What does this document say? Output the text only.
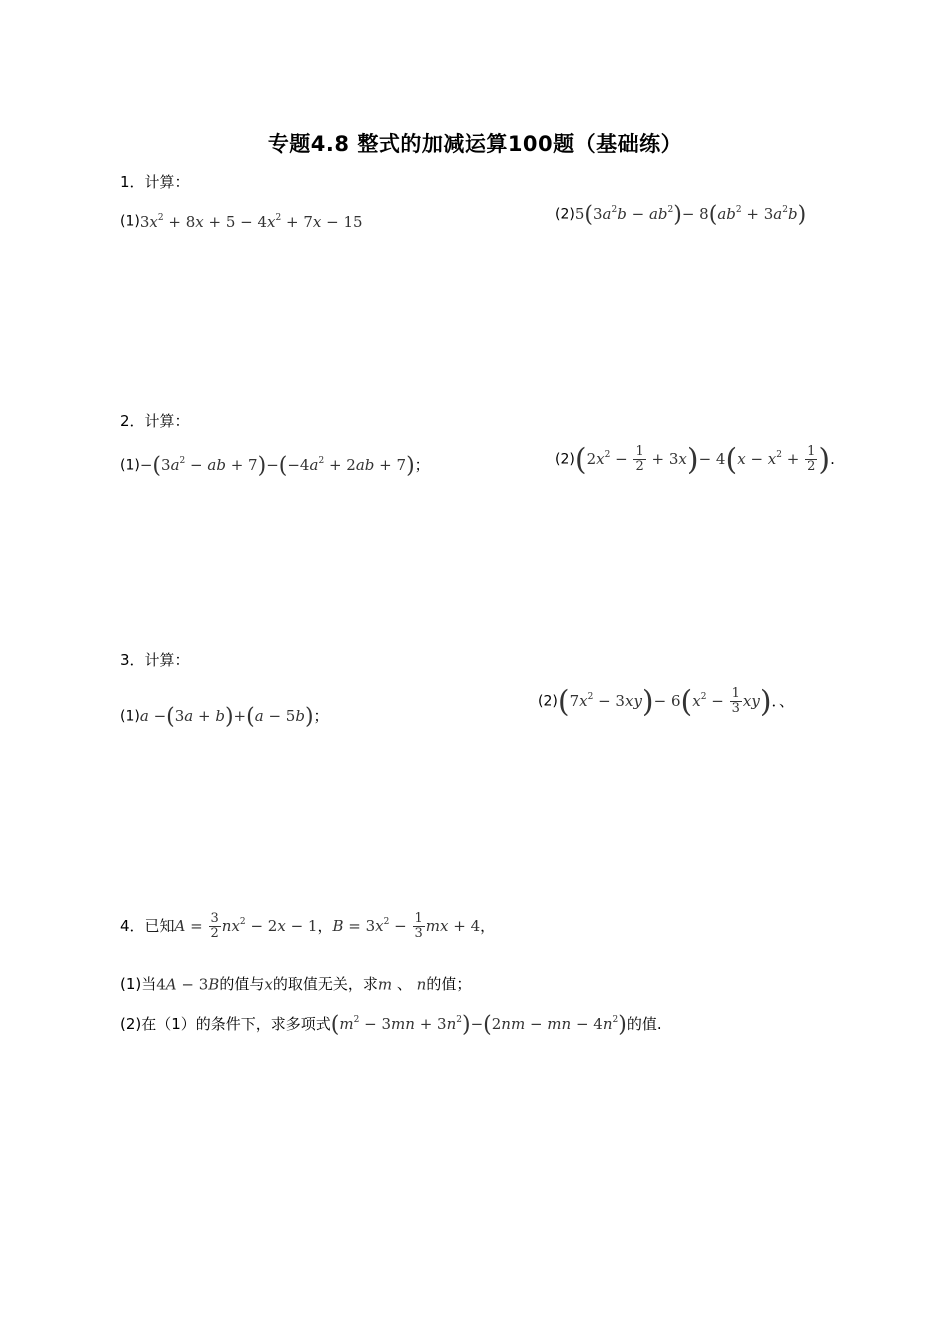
专题4.8 整式的加减运算100题（基础练）
1．计算：
$(1)3x^2 + 8x + 5 - 4x^2 + 7x - 15$	$(2)5(3a^2b - ab^2)- 8(ab^2 + 3a^2b)$
2．计算：
$(1)-(3a^2$ − ab + $7)-(-4a^2 + 2ab + 7)$；	$(2)(2x^2 - \frac{1}{2} + 3x)- 4(x - x^2 + \frac{1}{2}$ ).
3．计算：
(1)a −(3a + b)+(a − 5b)；
$(2)(7x^2 - 3xy)- 6(x^2 - \frac{1}{3} xy)$．、
4．已知$A = \frac{3}{2} nx^2 - 2x - 1$，$B = 3x^2 - \frac{1}{3}$ mx + 4，
(1)当4A − 3B的值与x的取值无关，求m 、 n的值；
(2)在（1）的条件下，求多项式$(m^2 - 3mn + 3n^2)-(2nm$ − mn − $4n^2$)的值.
